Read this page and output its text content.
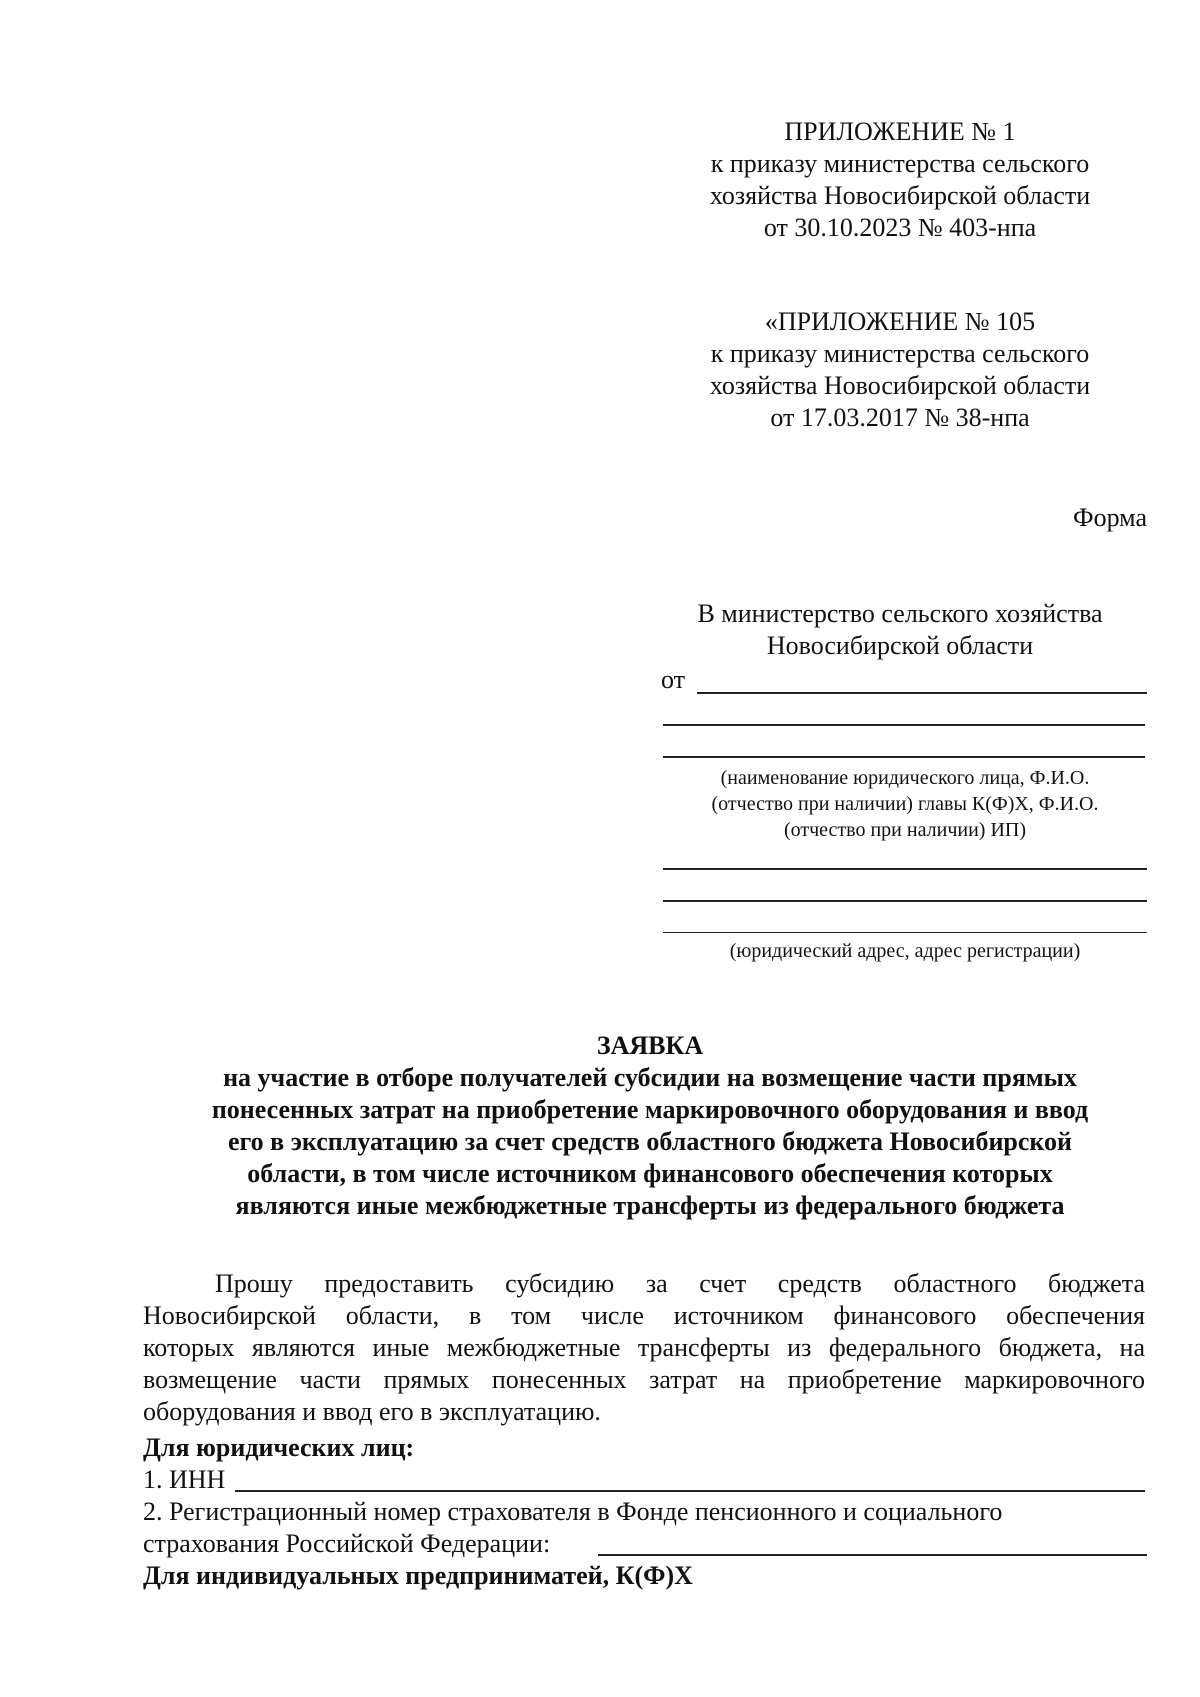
ПРИЛОЖЕНИЕ № 1
к приказу министерства сельского
хозяйства Новосибирской области
от 30.10.2023 № 403-нпа
«ПРИЛОЖЕНИЕ № 105
к приказу министерства сельского
хозяйства Новосибирской области
от 17.03.2017 № 38-нпа
Форма
В министерство сельского хозяйства
Новосибирской области
от
(наименование юридического лица, Ф.И.О.
(отчество при наличии) главы К(Ф)Х, Ф.И.О.
(отчество при наличии) ИП)
(юридический адрес, адрес регистрации)
ЗАЯВКА
на участие в отборе получателей субсидии на возмещение части прямых
понесенных затрат на приобретение маркировочного оборудования и ввод
его в эксплуатацию за счет средств областного бюджета Новосибирской
области, в том числе источником финансового обеспечения которых
являются иные межбюджетные трансферты из федерального бюджета
Прошу предоставить субсидию за счет средств областного бюджета
Новосибирской области, в том числе источником финансового обеспечения
которых являются иные межбюджетные трансферты из федерального бюджета, на
возмещение части прямых понесенных затрат на приобретение маркировочного
оборудования и ввод его в эксплуатацию.
Для юридических лиц:
1. ИНН
2. Регистрационный номер страхователя в Фонде пенсионного и социального
страхования Российской Федерации:
Для индивидуальных предприниматей, К(Ф)Х
